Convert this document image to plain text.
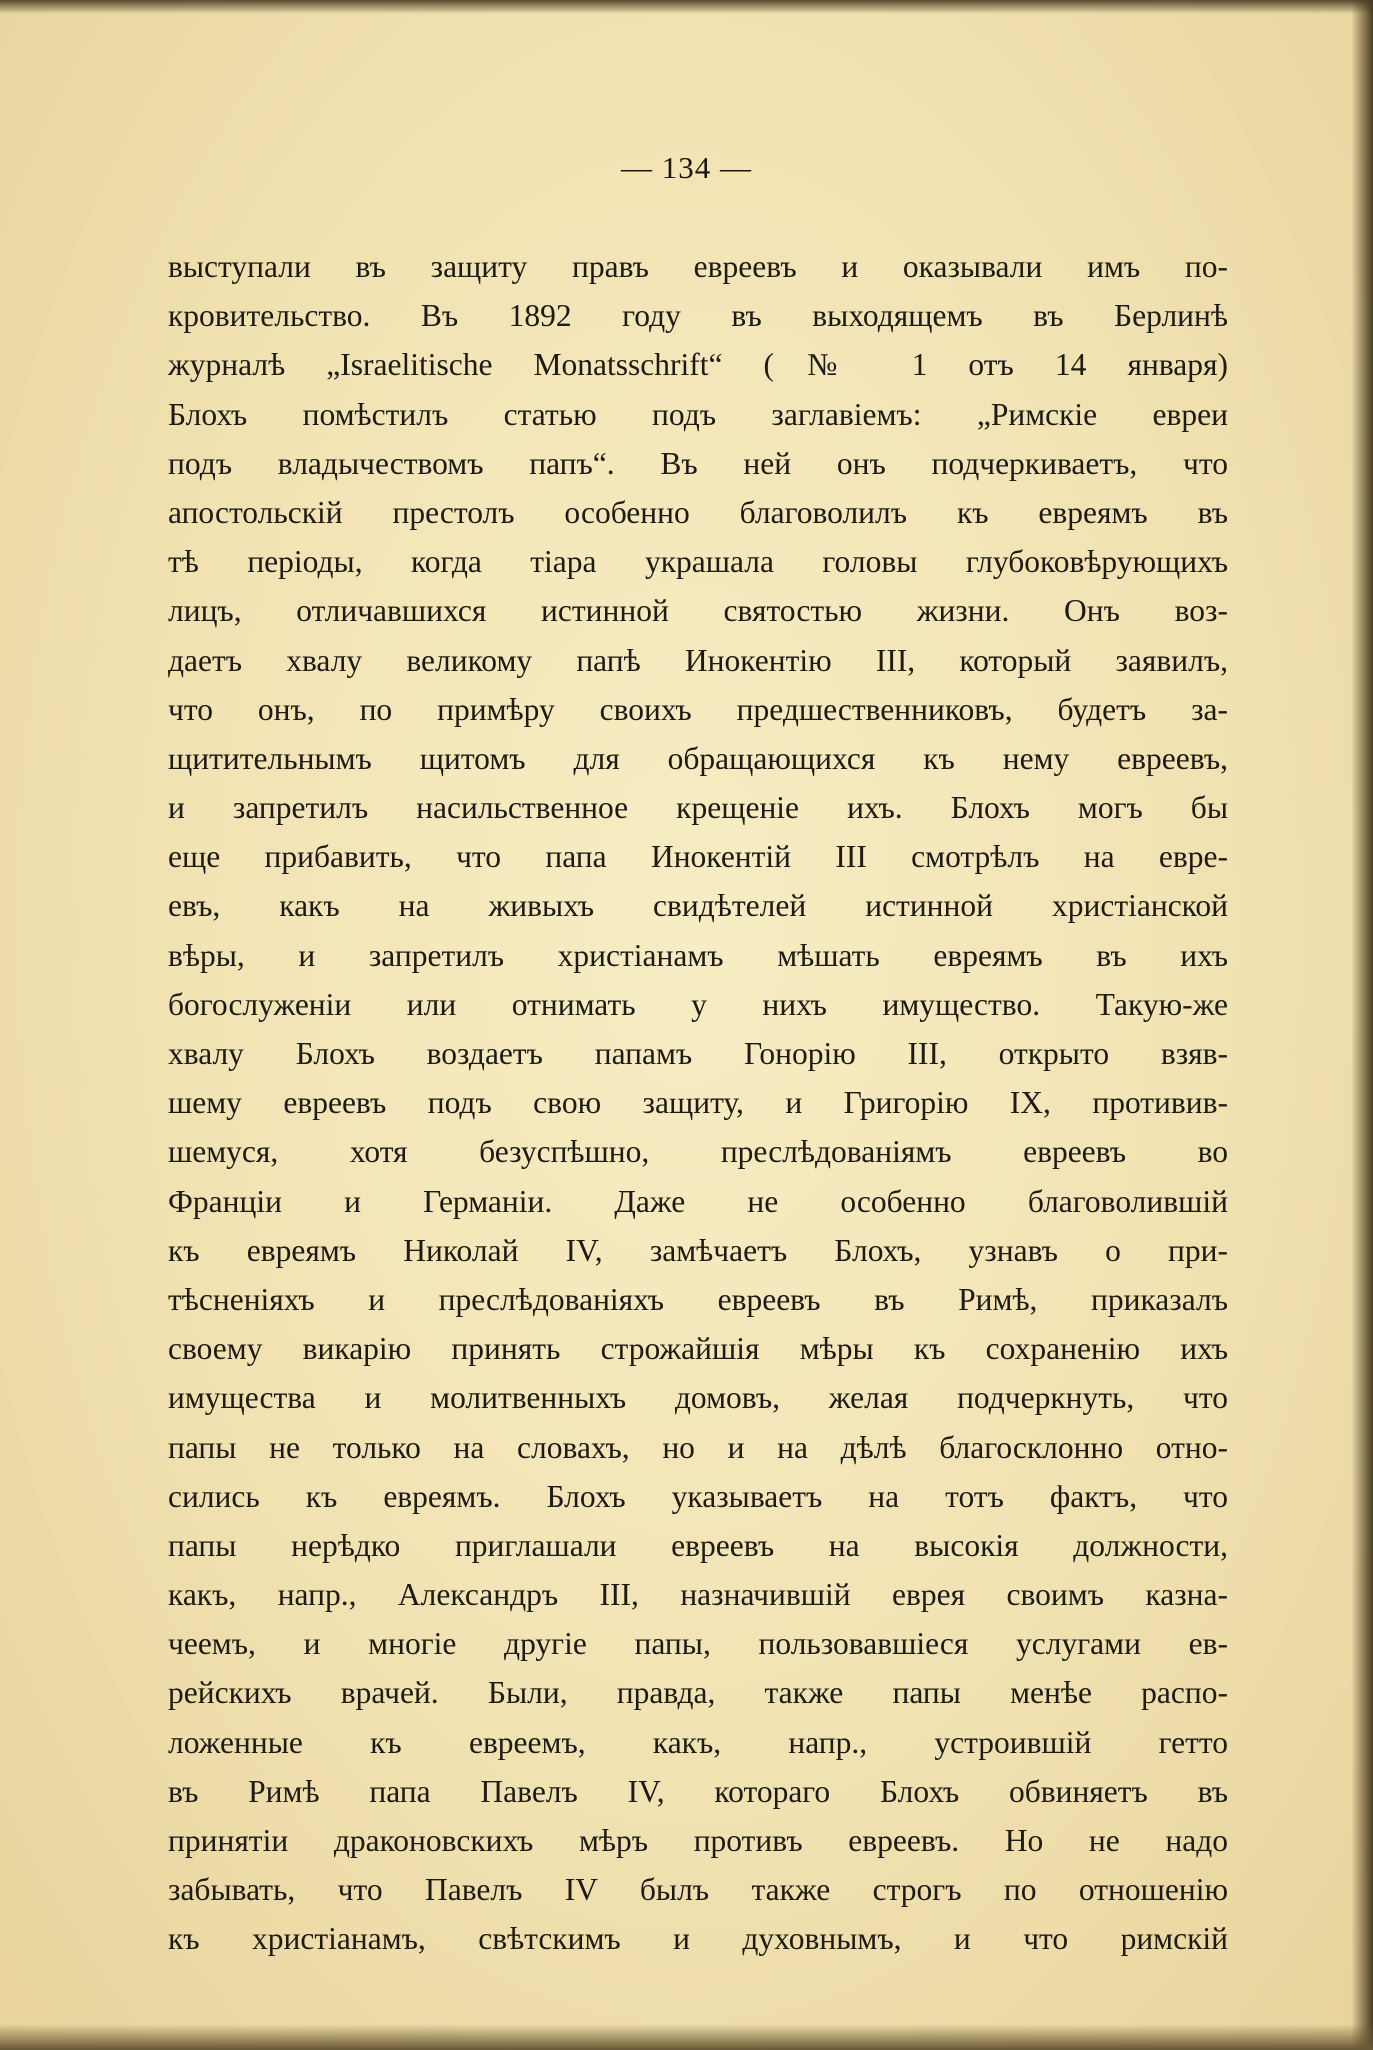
— 134 —
выступали въ защиту правъ евреевъ и оказывали имъ по-
кровительство. Въ 1892 году въ выходящемъ въ Берлинѣ
журналѣ „Israelitische Monatsschrift“ (№ 1 отъ 14 января)
Блохъ помѣстилъ статью подъ заглавіемъ: „Римскіе евреи
подъ владычествомъ папъ“. Въ ней онъ подчеркиваетъ, что
апостольскій престолъ особенно благоволилъ къ евреямъ въ
тѣ періоды, когда тіара украшала головы глубоковѣрующихъ
лицъ, отличавшихся истинной святостью жизни. Онъ воз-
даетъ хвалу великому папѣ Инокентію III, который заявилъ,
что онъ, по примѣру своихъ предшественниковъ, будетъ за-
щитительнымъ щитомъ для обращающихся къ нему евреевъ,
и запретилъ насильственное крещеніе ихъ. Блохъ могъ бы
еще прибавить, что папа Инокентій III смотрѣлъ на евре-
евъ, какъ на живыхъ свидѣтелей истинной христіанской
вѣры, и запретилъ христіанамъ мѣшать евреямъ въ ихъ
богослуженіи или отнимать у нихъ имущество. Такую-же
хвалу Блохъ воздаетъ папамъ Гонорію III, открыто взяв-
шему евреевъ подъ свою защиту, и Григорію IX, противив-
шемуся, хотя безуспѣшно, преслѣдованіямъ евреевъ во
Франціи и Германіи. Даже не особенно благоволившій
къ евреямъ Николай IV, замѣчаетъ Блохъ, узнавъ о при-
тѣсненіяхъ и преслѣдованіяхъ евреевъ въ Римѣ, приказалъ
своему викарію принять строжайшія мѣры къ сохраненію ихъ
имущества и молитвенныхъ домовъ, желая подчеркнуть, что
папы не только на словахъ, но и на дѣлѣ благосклонно отно-
сились къ евреямъ. Блохъ указываетъ на тотъ фактъ, что
папы нерѣдко приглашали евреевъ на высокія должности,
какъ, напр., Александръ III, назначившій еврея своимъ казна-
чеемъ, и многіе другіе папы, пользовавшіеся услугами ев-
рейскихъ врачей. Были, правда, также папы менѣе распо-
ложенные къ евреемъ, какъ, напр., устроившій гетто
въ Римѣ папа Павелъ IV, котораго Блохъ обвиняетъ въ
принятіи драконовскихъ мѣръ противъ евреевъ. Но не надо
забывать, что Павелъ IV былъ также строгъ по отношенію
къ христіанамъ, свѣтскимъ и духовнымъ, и что римскій
